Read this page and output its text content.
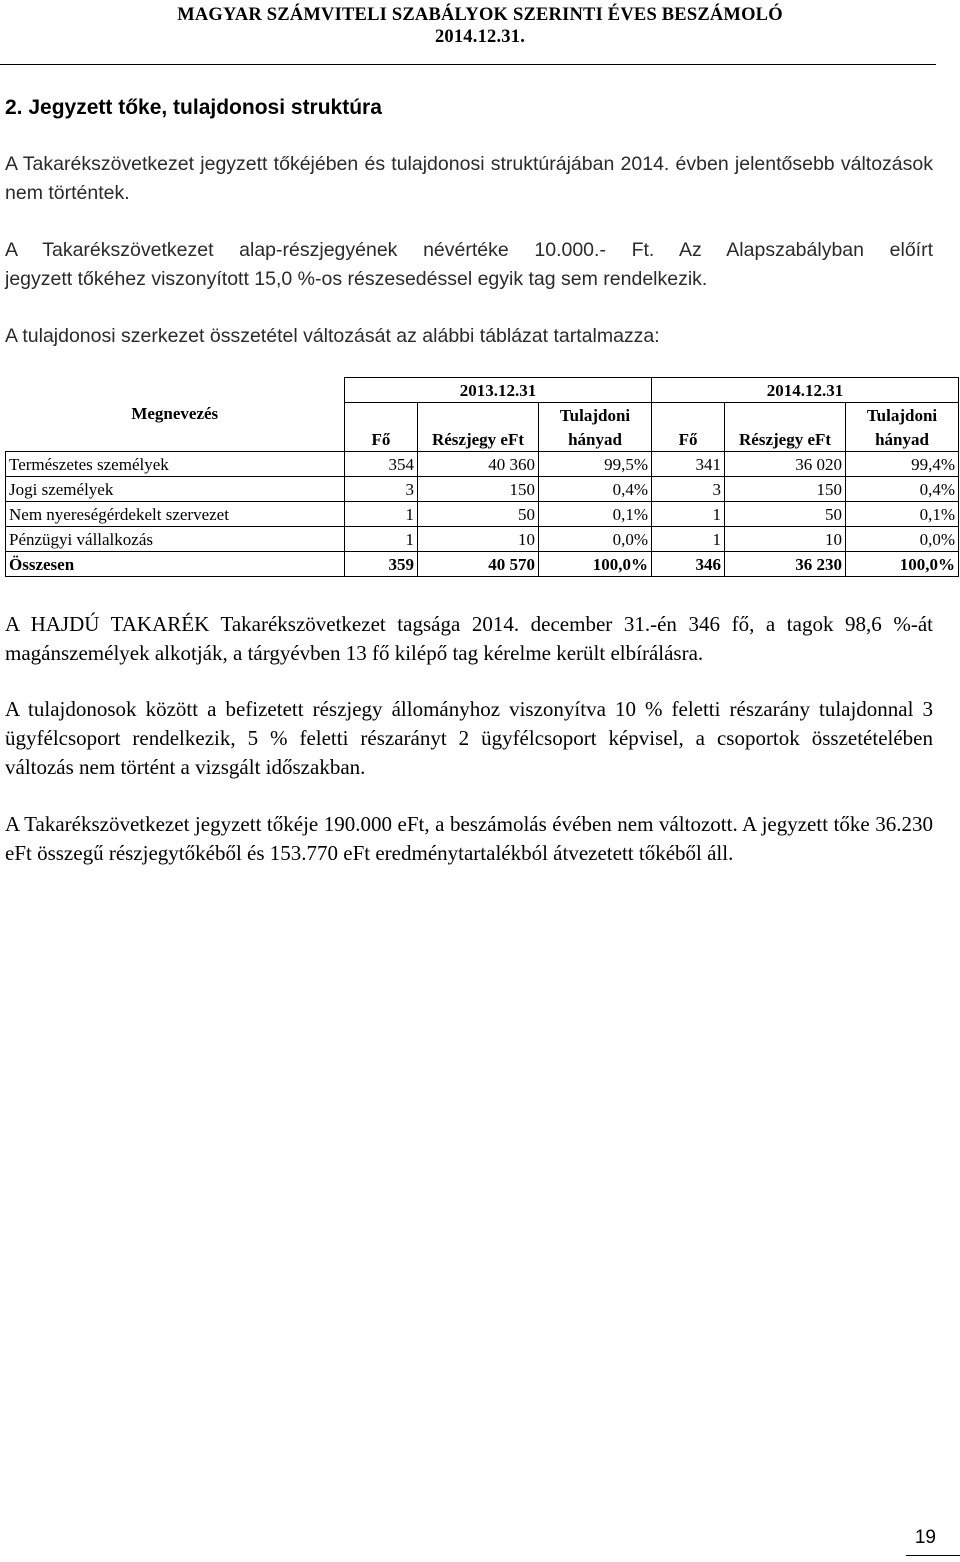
MAGYAR SZÁMVITELI SZABÁLYOK SZERINTI ÉVES BESZÁMOLÓ
2014.12.31.
2. Jegyzett tőke, tulajdonosi struktúra

A Takarékszövetkezet jegyzett tőkéjében és tulajdonosi struktúrájában 2014. évben jelentősebb változások nem történtek.

A Takarékszövetkezet alap-részjegyének névértéke 10.000.- Ft. Az Alapszabályban előírt

jegyzett tőkéhez viszonyított 15,0 %-os részesedéssel egyik tag sem rendelkezik.

A tulajdonosi szerkezet összetétel változását az alábbi táblázat tartalmazza:

Megnevezés	2013.12.31			2014.12.31		
			Tulajdoni			Tulajdoni
	Fő	Részjegy eFt	hányad	Fő	Részjegy eFt	hányad
Természetes személyek	354	40 360	99,5%	341	36 020	99,4%
Jogi személyek	3	150	0,4%	3	150	0,4%
Nem nyereségérdekelt szervezet	1	50	0,1%	1	50	0,1%
Pénzügyi vállalkozás	1	10	0,0%	1	10	0,0%
Összesen	359	40 570	100,0%	346	36 230	100,0%

A HAJDÚ TAKARÉK Takarékszövetkezet tagsága 2014. december 31.-én 346 fő, a tagok 98,6 %-át magánszemélyek alkotják, a tárgyévben 13 fő kilépő tag kérelme került elbírálásra.

A tulajdonosok között a befizetett részjegy állományhoz viszonyítva 10 % feletti részarány tulajdonnal 3 ügyfélcsoport rendelkezik, 5 % feletti részarányt 2 ügyfélcsoport képvisel, a csoportok összetételében változás nem történt a vizsgált időszakban.

A Takarékszövetkezet jegyzett tőkéje 190.000 eFt, a beszámolás évében nem változott. A jegyzett tőke 36.230 eFt összegű részjegytőkéből és 153.770 eFt eredménytartalékból átvezetett tőkéből áll.

19
